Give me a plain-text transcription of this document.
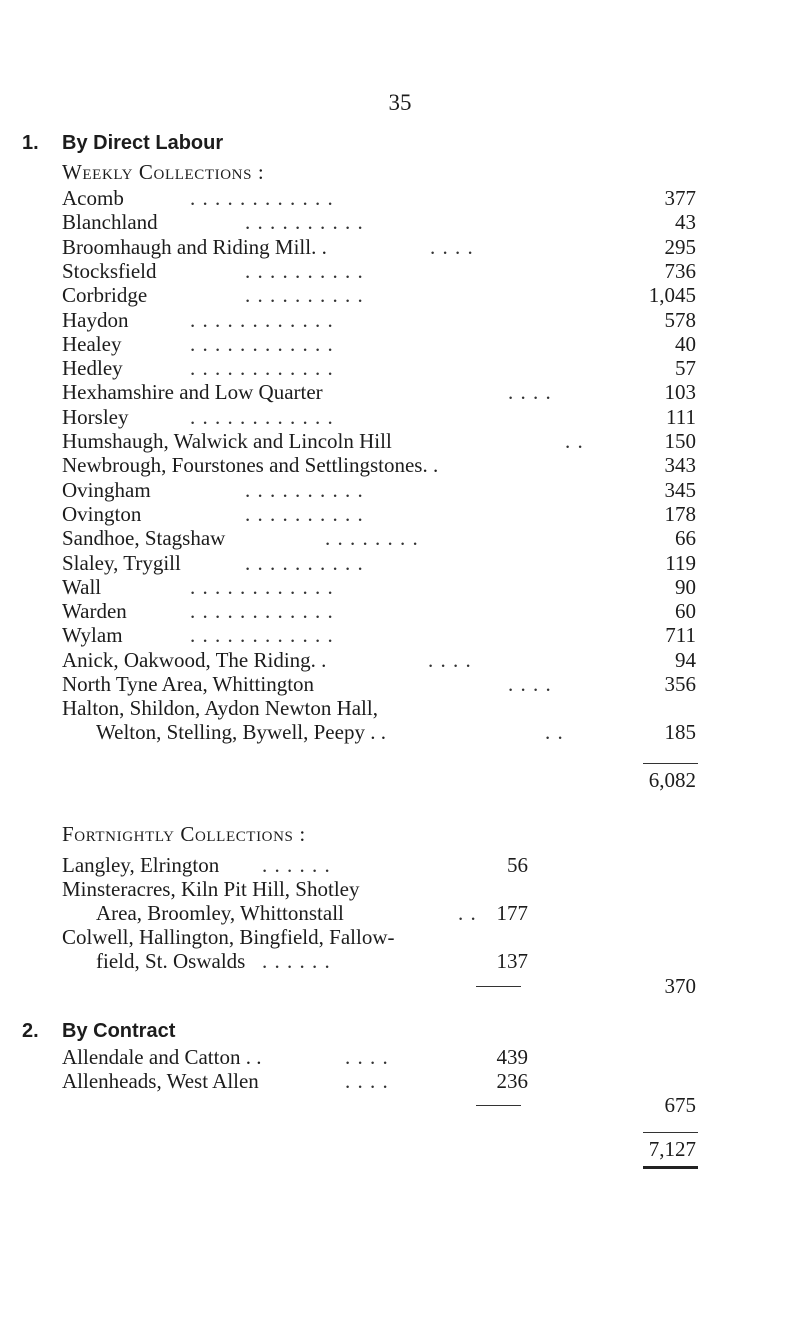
35
1. By Direct Labour
Weekly Collections :
Acomb	. . . . . . . . . . . .	377
Blanchland	. . . . . . . . . .	43
Broomhaugh and Riding Mill. .	. . . .	295
Stocksfield	. . . . . . . . . .	736
Corbridge	. . . . . . . . . .	1,045
Haydon	. . . . . . . . . . . .	578
Healey	. . . . . . . . . . . .	40
Hedley	. . . . . . . . . . . .	57
Hexhamshire and Low Quarter	. . . .	103
Horsley	. . . . . . . . . . . .	111
Humshaugh, Walwick and Lincoln Hill	. .	150
Newbrough, Fourstones and Settlingstones. .	343
Ovingham	. . . . . . . . . .	345
Ovington	. . . . . . . . . .	178
Sandhoe, Stagshaw	. . . . . . . .	66
Slaley, Trygill	. . . . . . . . . .	119
Wall	. . . . . . . . . . . .	90
Warden	. . . . . . . . . . . .	60
Wylam	. . . . . . . . . . . .	711
Anick, Oakwood, The Riding. .	. . . .	94
North Tyne Area, Whittington	. . . .	356
Halton, Shildon, Aydon Newton Hall,
Welton, Stelling, Bywell, Peepy . .	. .	185
6,082
Fortnightly Collections :
Langley, Elrington . . . . . .	56
Minsteracres, Kiln Pit Hill, Shotley
Area, Broomley, Whittonstall	. . 177
Colwell, Hallington, Bingfield, Fallow-
field, St. Oswalds . . . . . .	137
370
2. By Contract
Allendale and Catton . .	. . . .	439
Allenheads, West Allen	. . . .	236
675
7,127
